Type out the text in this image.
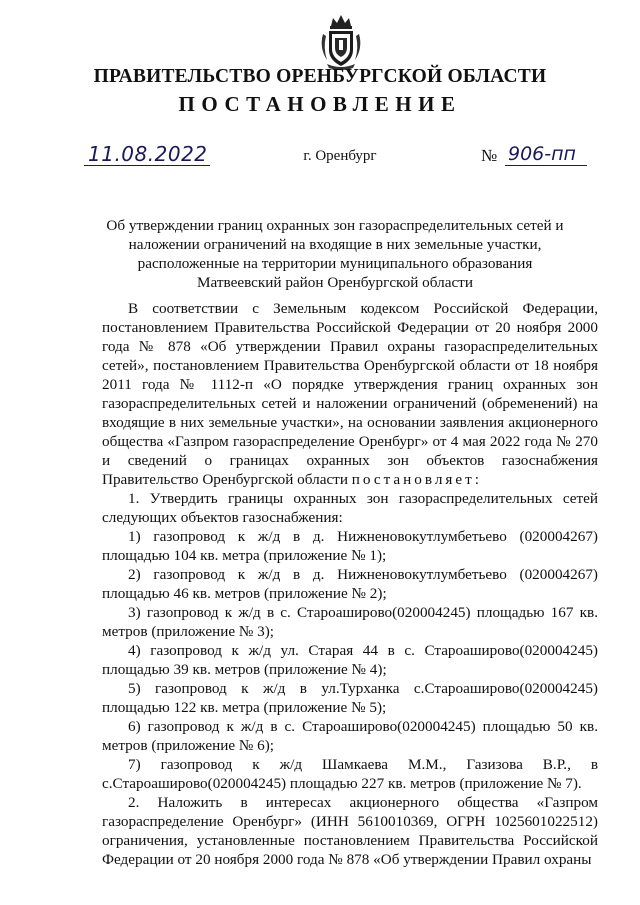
ПРАВИТЕЛЬСТВО ОРЕНБУРГСКОЙ ОБЛАСТИ
ПОСТАНОВЛЕНИЕ
11.08.2022	г. Оренбург	№ 906-пп
Об утверждении границ охранных зон газораспределительных сетей и
наложении ограничений на входящие в них земельные участки,
расположенные на территории муниципального образования
Матвеевский район Оренбургской области

В соответствии с Земельным кодексом Российской Федерации, постановлением Правительства Российской Федерации от 20 ноября 2000 года № 878 «Об утверждении Правил охраны газораспределительных сетей», постановлением Правительства Оренбургской области от 18 ноября 2011 года № 1112-п «О порядке утверждения границ охранных зон газораспределительных сетей и наложении ограничений (обременений) на входящие в них земельные участки», на основании заявления акционерного общества «Газпром газораспределение Оренбург» от 4 мая 2022 года № 270 и сведений о границах охранных зон объектов газоснабжения Правительство Оренбургской области постановляет:

1. Утвердить границы охранных зон газораспределительных сетей следующих объектов газоснабжения:

1) газопровод к ж/д в д. Нижненовокутлумбетьево (020004267) площадью 104 кв. метра (приложение № 1);

2) газопровод к ж/д в д. Нижненовокутлумбетьево (020004267) площадью 46 кв. метров (приложение № 2);

3) газопровод к ж/д в с. Староаширово(020004245) площадью 167 кв. метров (приложение № 3);

4) газопровод к ж/д ул. Старая 44 в с. Староаширово(020004245) площадью 39 кв. метров (приложение № 4);

5) газопровод к ж/д в ул.Турханка с.Староаширово(020004245) площадью 122 кв. метра (приложение № 5);

6) газопровод к ж/д в с. Староаширово(020004245) площадью 50 кв. метров (приложение № 6);

7) газопровод к ж/д Шамкаева М.М., Газизова В.Р., в с.Староаширово(020004245) площадью 227 кв. метров (приложение № 7).

2. Наложить в интересах акционерного общества «Газпром газораспределение Оренбург» (ИНН 5610010369, ОГРН 1025601022512) ограничения, установленные постановлением Правительства Российской Федерации от 20 ноября 2000 года № 878 «Об утверждении Правил охраны
